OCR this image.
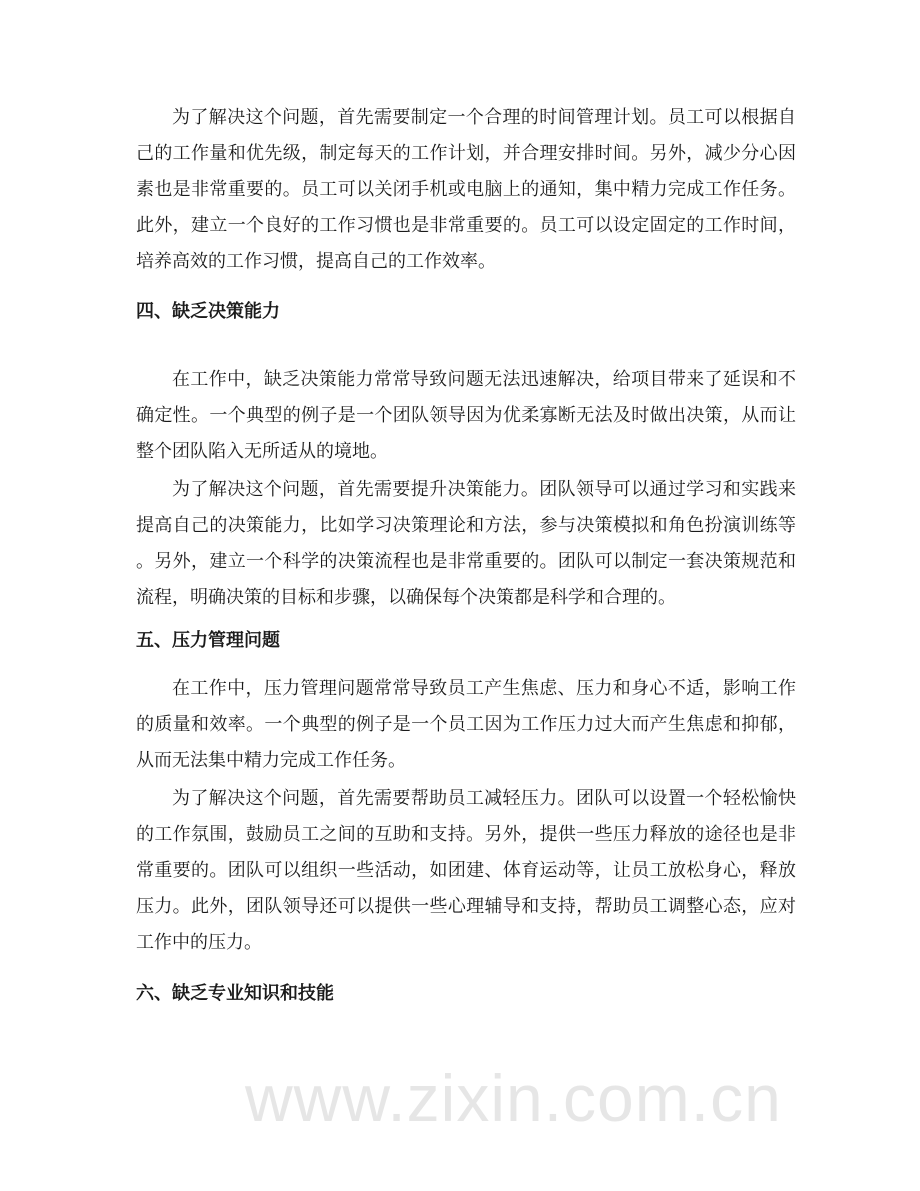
为了解决这个问题，首先需要制定一个合理的时间管理计划。员工可以根据自
己的工作量和优先级，制定每天的工作计划，并合理安排时间。另外，减少分心因
素也是非常重要的。员工可以关闭手机或电脑上的通知，集中精力完成工作任务。
此外，建立一个良好的工作习惯也是非常重要的。员工可以设定固定的工作时间，
培养高效的工作习惯，提高自己的工作效率。
四、缺乏决策能力
在工作中，缺乏决策能力常常导致问题无法迅速解决，给项目带来了延误和不
确定性。一个典型的例子是一个团队领导因为优柔寡断无法及时做出决策，从而让
整个团队陷入无所适从的境地。
为了解决这个问题，首先需要提升决策能力。团队领导可以通过学习和实践来
提高自己的决策能力，比如学习决策理论和方法，参与决策模拟和角色扮演训练等
。另外，建立一个科学的决策流程也是非常重要的。团队可以制定一套决策规范和
流程，明确决策的目标和步骤，以确保每个决策都是科学和合理的。
五、压力管理问题
在工作中，压力管理问题常常导致员工产生焦虑、压力和身心不适，影响工作
的质量和效率。一个典型的例子是一个员工因为工作压力过大而产生焦虑和抑郁，
从而无法集中精力完成工作任务。
为了解决这个问题，首先需要帮助员工减轻压力。团队可以设置一个轻松愉快
的工作氛围，鼓励员工之间的互助和支持。另外，提供一些压力释放的途径也是非
常重要的。团队可以组织一些活动，如团建、体育运动等，让员工放松身心，释放
压力。此外，团队领导还可以提供一些心理辅导和支持，帮助员工调整心态，应对
工作中的压力。
六、缺乏专业知识和技能
www.zixin.com.cn
